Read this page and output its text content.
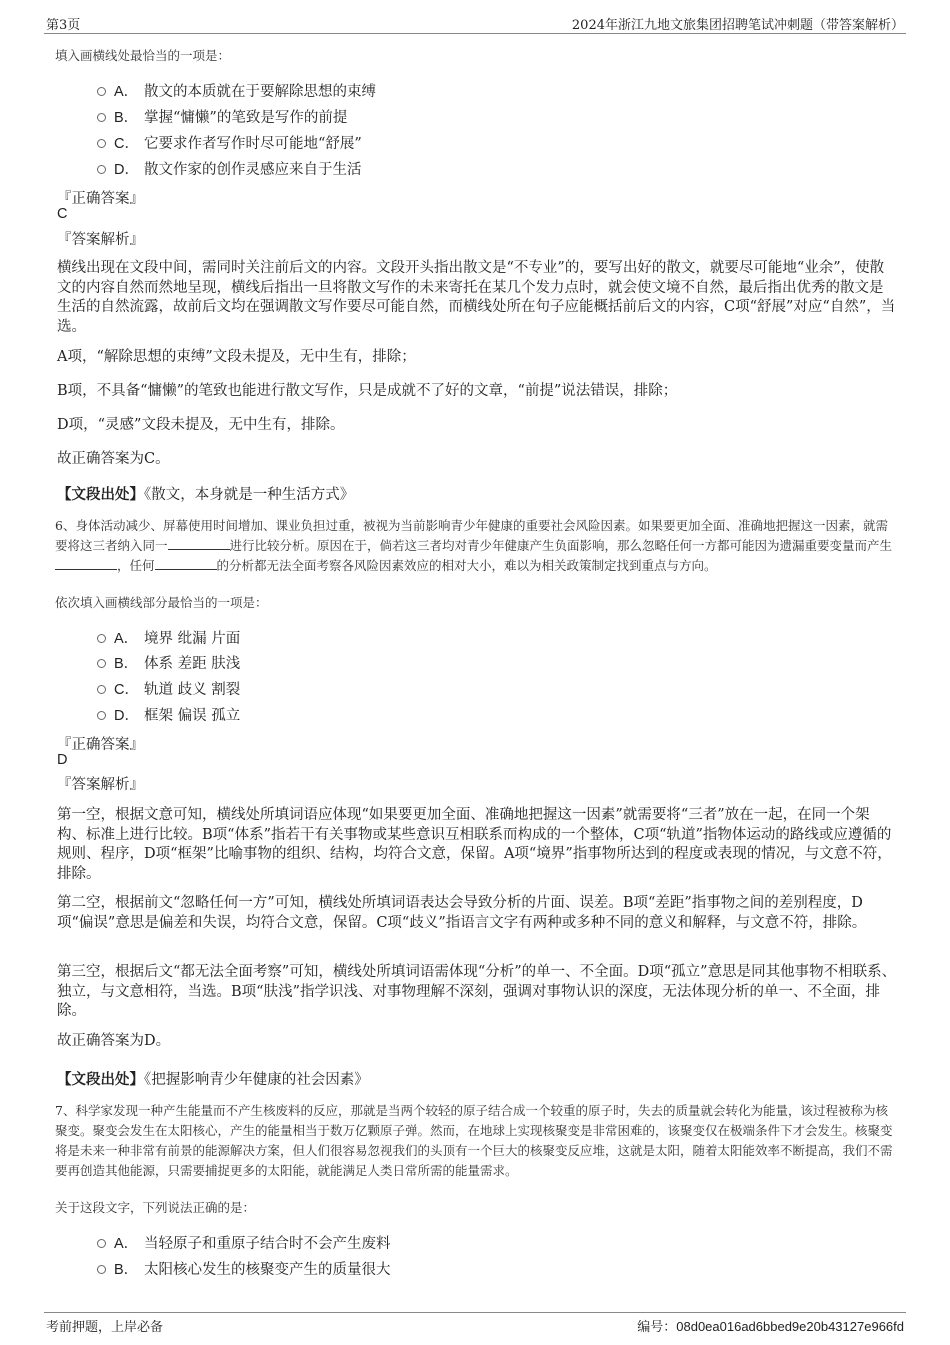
第3页	2024年浙江九地文旅集团招聘笔试冲刺题（带答案解析）
填入画横线处最恰当的一项是：
A． 散文的本质就在于要解除思想的束缚
B． 掌握“慵懒”的笔致是写作的前提
C． 它要求作者写作时尽可能地“舒展”
D． 散文作家的创作灵感应来自于生活
『正确答案』
C
『答案解析』
横线出现在文段中间，需同时关注前后文的内容。文段开头指出散文是“不专业”的，要写出好的散文，就要尽可能地“业余”，使散文的内容自然而然地呈现，横线后指出一旦将散文写作的未来寄托在某几个发力点时，就会使文境不自然，最后指出优秀的散文是生活的自然流露，故前后文均在强调散文写作要尽可能自然，而横线处所在句子应能概括前后文的内容，C项“舒展”对应“自然”，当选。
A项，“解除思想的束缚”文段未提及，无中生有，排除；
B项，不具备“慵懒”的笔致也能进行散文写作，只是成就不了好的文章，“前提”说法错误，排除；
D项，“灵感”文段未提及，无中生有，排除。
故正确答案为C。
【文段出处】《散文，本身就是一种生活方式》
6、身体活动减少、屏幕使用时间增加、课业负担过重，被视为当前影响青少年健康的重要社会风险因素。如果要更加全面、准确地把握这一因素，就需要将这三者纳入同一	进行比较分析。原因在于，倘若这三者均对青少年健康产生负面影响，那么忽略任何一方都可能因为遗漏重要变量而产生，任何	的分析都无法全面考察各风险因素效应的相对大小，难以为相关政策制定找到重点与方向。
依次填入画横线部分最恰当的一项是：
A． 境界 纰漏 片面
B． 体系 差距 肤浅
C． 轨道 歧义 割裂
D． 框架 偏误 孤立
『正确答案』
D
『答案解析』
第一空，根据文意可知，横线处所填词语应体现“如果要更加全面、准确地把握这一因素”就需要将“三者”放在一起，在同一个架构、标准上进行比较。B项“体系”指若干有关事物或某些意识互相联系而构成的一个整体，C项“轨道”指物体运动的路线或应遵循的规则、程序，D项“框架”比喻事物的组织、结构，均符合文意，保留。A项“境界”指事物所达到的程度或表现的情况，与文意不符，排除。
第二空，根据前文“忽略任何一方”可知，横线处所填词语表达会导致分析的片面、误差。B项“差距”指事物之间的差别程度，D项“偏误”意思是偏差和失误，均符合文意，保留。C项“歧义”指语言文字有两种或多种不同的意义和解释，与文意不符，排除。
第三空，根据后文“都无法全面考察”可知，横线处所填词语需体现“分析”的单一、不全面。D项“孤立”意思是同其他事物不相联系、独立，与文意相符，当选。B项“肤浅”指学识浅、对事物理解不深刻，强调对事物认识的深度，无法体现分析的单一、不全面，排除。
故正确答案为D。
【文段出处】《把握影响青少年健康的社会因素》
7、科学家发现一种产生能量而不产生核废料的反应，那就是当两个较轻的原子结合成一个较重的原子时，失去的质量就会转化为能量，该过程被称为核聚变。聚变会发生在太阳核心，产生的能量相当于数万亿颗原子弹。然而，在地球上实现核聚变是非常困难的，该聚变仅在极端条件下才会发生。核聚变将是未来一种非常有前景的能源解决方案，但人们很容易忽视我们的头顶有一个巨大的核聚变反应堆，这就是太阳，随着太阳能效率不断提高，我们不需要再创造其他能源，只需要捕捉更多的太阳能，就能满足人类日常所需的能量需求。
关于这段文字，下列说法正确的是：
A． 当轻原子和重原子结合时不会产生废料
B． 太阳核心发生的核聚变产生的质量很大
考前押题，上岸必备	编号：08d0ea016ad6bbed9e20b43127e966fd
